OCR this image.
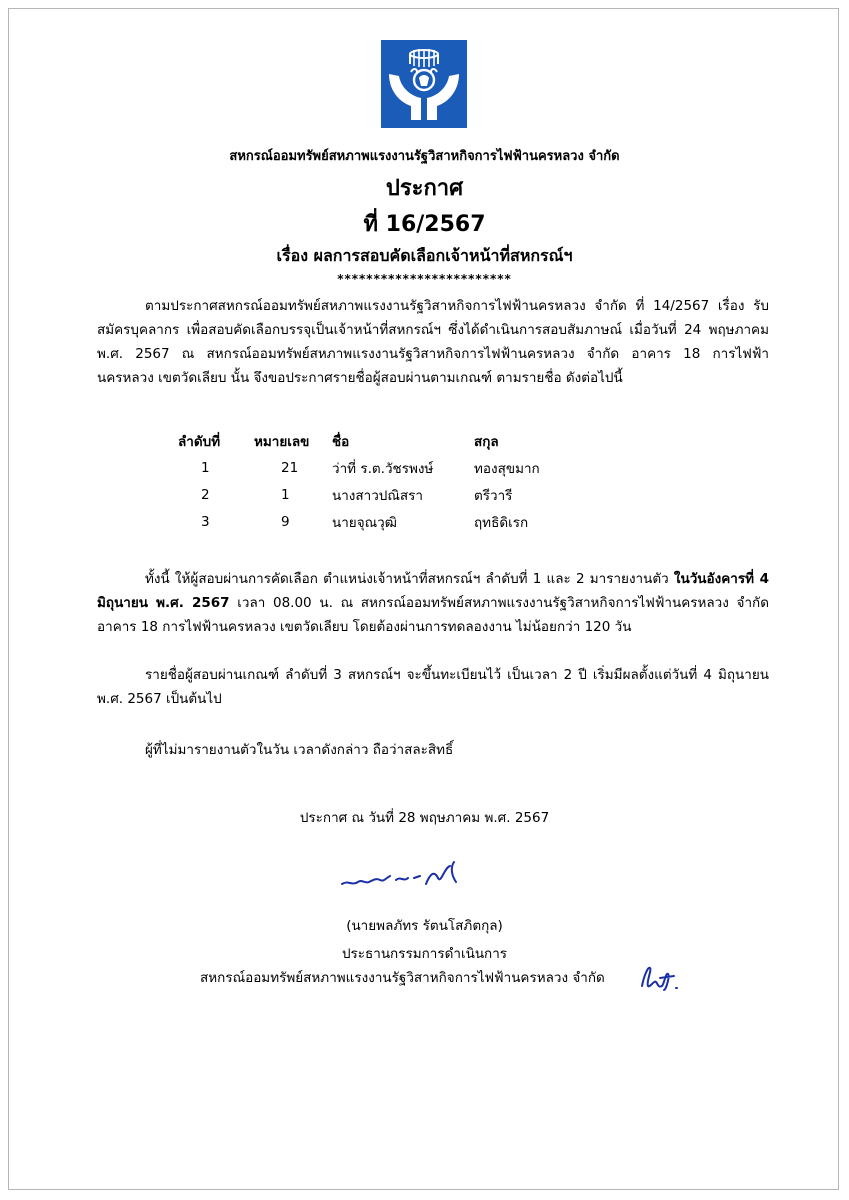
สหกรณ์ออมทรัพย์สหภาพแรงงานรัฐวิสาหกิจการไฟฟ้านครหลวง จำกัด
ประกาศ
ที่ 16/2567
เรื่อง ผลการสอบคัดเลือกเจ้าหน้าที่สหกรณ์ฯ
************************

ตามประกาศสหกรณ์ออมทรัพย์สหภาพแรงงานรัฐวิสาหกิจการไฟฟ้านครหลวง จำกัด ที่ 14/2567 เรื่อง รับสมัครบุคลากร เพื่อสอบคัดเลือกบรรจุเป็นเจ้าหน้าที่สหกรณ์ฯ ซึ่งได้ดำเนินการสอบสัมภาษณ์ เมื่อวันที่ 24 พฤษภาคม พ.ศ. 2567 ณ สหกรณ์ออมทรัพย์สหภาพแรงงานรัฐวิสาหกิจการไฟฟ้านครหลวง จำกัด อาคาร 18 การไฟฟ้านครหลวง เขตวัดเลียบ นั้น จึงขอประกาศรายชื่อผู้สอบผ่านตามเกณฑ์ ตามรายชื่อ ดังต่อไปนี้

ลำดับที่	หมายเลข	ชื่อ	สกุล
1	21	ว่าที่ ร.ต.วัชรพงษ์	ทองสุขมาก
2	1	นางสาวปณิสรา	ตรีวารี
3	9	นายจุณวุฒิ	ฤทธิดิเรก

ทั้งนี้ ให้ผู้สอบผ่านการคัดเลือก ตำแหน่งเจ้าหน้าที่สหกรณ์ฯ ลำดับที่ 1 และ 2 มารายงานตัว ในวันอังคารที่ 4 มิถุนายน พ.ศ. 2567 เวลา 08.00 น. ณ สหกรณ์ออมทรัพย์สหภาพแรงงานรัฐวิสาหกิจการไฟฟ้านครหลวง จำกัด อาคาร 18 การไฟฟ้านครหลวง เขตวัดเลียบ โดยต้องผ่านการทดลองงาน ไม่น้อยกว่า 120 วัน

รายชื่อผู้สอบผ่านเกณฑ์ ลำดับที่ 3 สหกรณ์ฯ จะขึ้นทะเบียนไว้ เป็นเวลา 2 ปี เริ่มมีผลตั้งแต่วันที่ 4 มิถุนายน พ.ศ. 2567 เป็นต้นไป

ผู้ที่ไม่มารายงานตัวในวัน เวลาดังกล่าว ถือว่าสละสิทธิ์

ประกาศ ณ วันที่ 28 พฤษภาคม พ.ศ. 2567
(นายพลภัทร รัตนโสภิตกุล)
ประธานกรรมการดำเนินการ
สหกรณ์ออมทรัพย์สหภาพแรงงานรัฐวิสาหกิจการไฟฟ้านครหลวง จำกัด
